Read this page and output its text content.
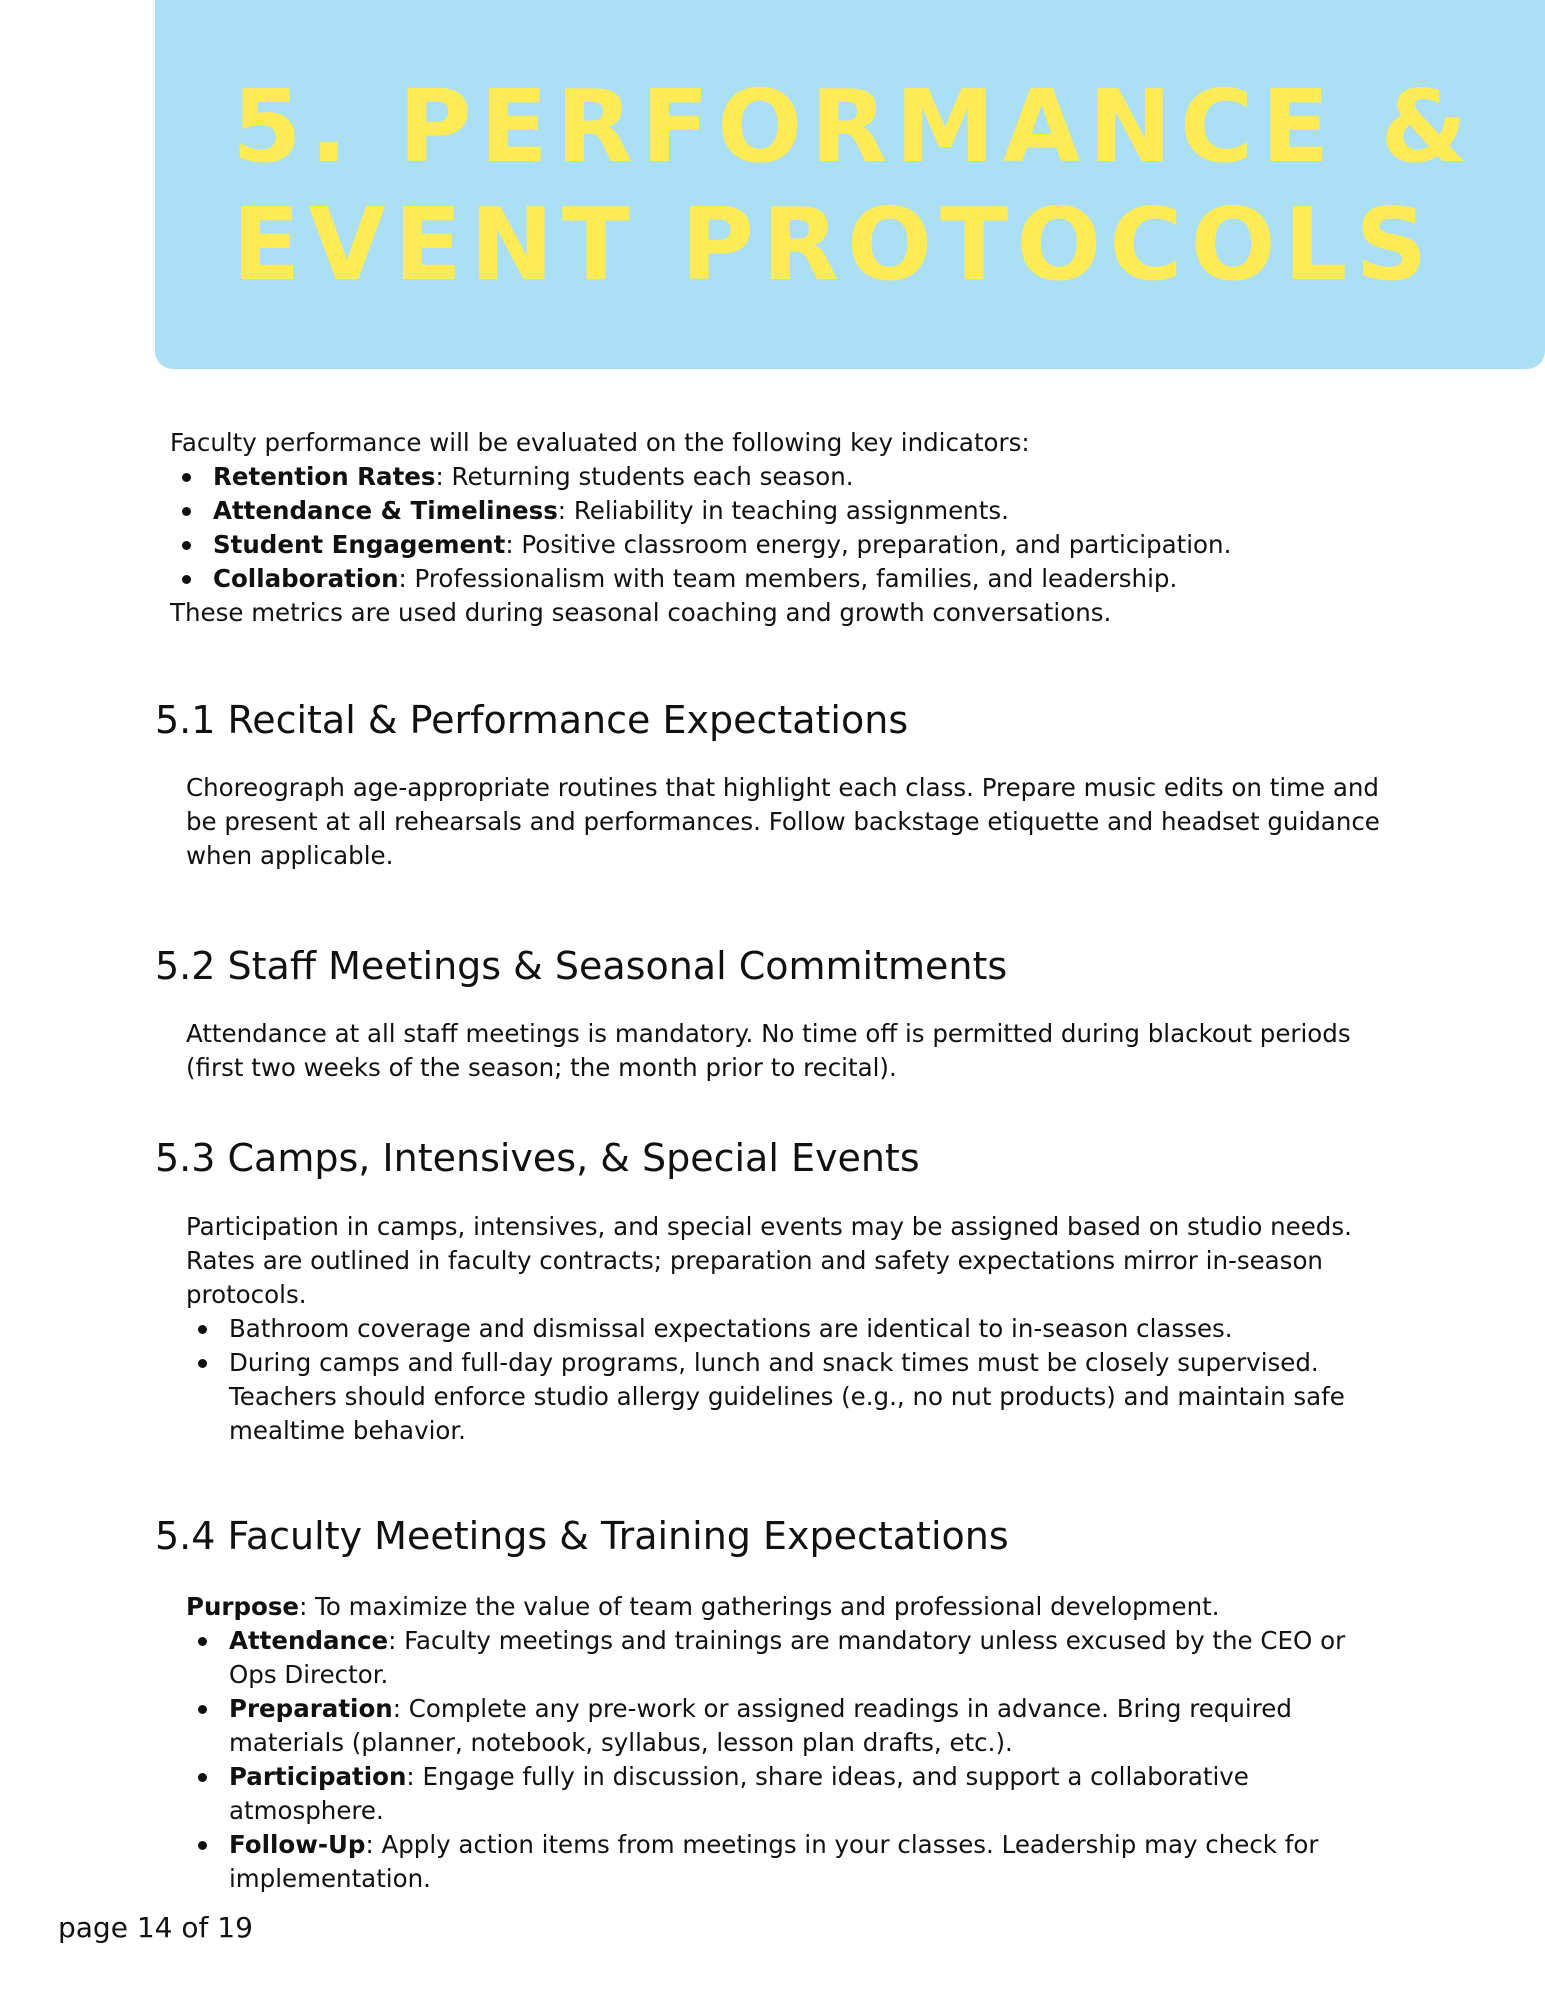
5. PERFORMANCE &
EVENT PROTOCOLS

Faculty performance will be evaluated on the following key indicators:

Retention Rates: Returning students each season.
Attendance & Timeliness: Reliability in teaching assignments.
Student Engagement: Positive classroom energy, preparation, and participation.
Collaboration: Professionalism with team members, families, and leadership.

These metrics are used during seasonal coaching and growth conversations.

5.1 Recital & Performance Expectations

Choreograph age-appropriate routines that highlight each class. Prepare music edits on time and be present at all rehearsals and performances. Follow backstage etiquette and headset guidance when applicable.

5.2 Staff Meetings & Seasonal Commitments

Attendance at all staff meetings is mandatory. No time off is permitted during blackout periods (first two weeks of the season; the month prior to recital).

5.3 Camps, Intensives, & Special Events

Participation in camps, intensives, and special events may be assigned based on studio needs. Rates are outlined in faculty contracts; preparation and safety expectations mirror in-season protocols.

Bathroom coverage and dismissal expectations are identical to in-season classes.
During camps and full-day programs, lunch and snack times must be closely supervised. Teachers should enforce studio allergy guidelines (e.g., no nut products) and maintain safe mealtime behavior.
5.4 Faculty Meetings & Training Expectations

Purpose: To maximize the value of team gatherings and professional development.

Attendance: Faculty meetings and trainings are mandatory unless excused by the CEO or Ops Director.
Preparation: Complete any pre-work or assigned readings in advance. Bring required materials (planner, notebook, syllabus, lesson plan drafts, etc.).
Participation: Engage fully in discussion, share ideas, and support a collaborative atmosphere.
Follow-Up: Apply action items from meetings in your classes. Leadership may check for implementation.
page 14 of 19
